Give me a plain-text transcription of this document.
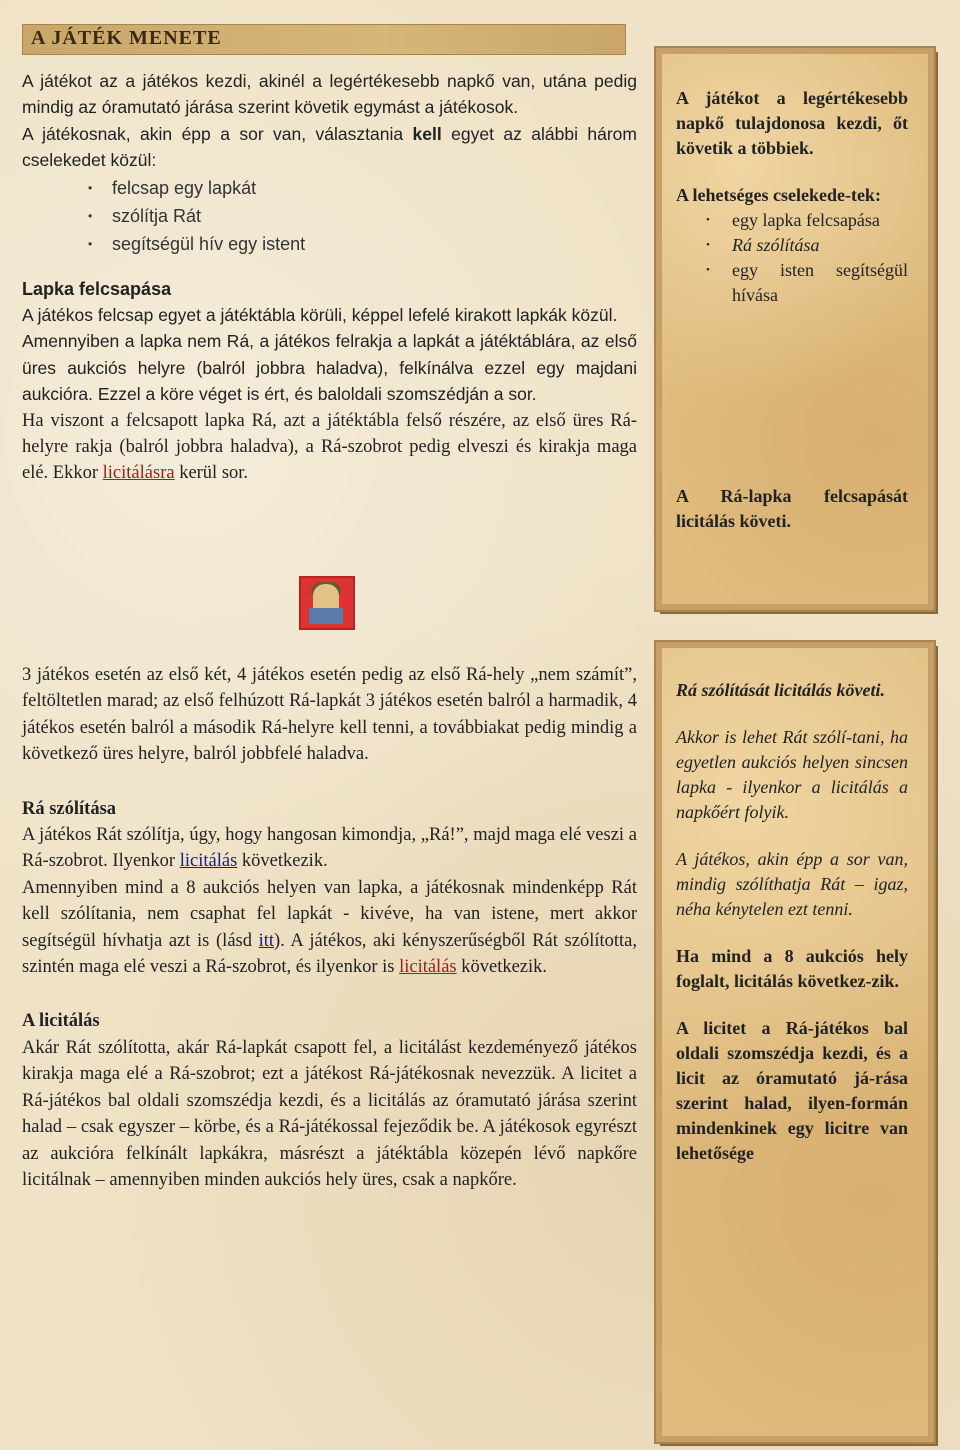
A JÁTÉK MENETE

A játékot az a játékos kezdi, akinél a legértékesebb napkő van, utána pedig mindig az óramutató járása szerint követik egymást a játékosok.

A játékosnak, akin épp a sor van, választania kell egyet az alábbi három cselekedet közül:

• felcsap egy lapkát
• szólítja Rát
• segítségül hív egy istent

Lapka felcsapása

A játékos felcsap egyet a játéktábla körüli, képpel lefelé kirakott lapkák közül.

Amennyiben a lapka nem Rá, a játékos felrakja a lapkát a játéktáblára, az első üres aukciós helyre (balról jobbra haladva), felkínálva ezzel egy majdani aukcióra. Ezzel a köre véget is ért, és baloldali szomszédján a sor.

Ha viszont a felcsapott lapka Rá, azt a játéktábla felső részére, az első üres Rá-helyre rakja (balról jobbra haladva), a Rá-szobrot pedig elveszi és kirakja maga elé. Ekkor licitálásra kerül sor.

3 játékos esetén az első két, 4 játékos esetén pedig az első Rá-hely „nem számít”, feltöltetlen marad; az első felhúzott Rá-lapkát 3 játékos esetén balról a harmadik, 4 játékos esetén balról a második Rá-helyre kell tenni, a továbbiakat pedig mindig a következő üres helyre, balról jobbfelé haladva.

Rá szólítása

A játékos Rát szólítja, úgy, hogy hangosan kimondja, „Rá!”, majd maga elé veszi a Rá-szobrot. Ilyenkor licitálás következik.

Amennyiben mind a 8 aukciós helyen van lapka, a játékosnak mindenképp Rát kell szólítania, nem csaphat fel lapkát - kivéve, ha van istene, mert akkor segítségül hívhatja azt is (lásd itt). A játékos, aki kényszerűségből Rát szólította, szintén maga elé veszi a Rá-szobrot, és ilyenkor is licitálás következik.

A licitálás

Akár Rát szólította, akár Rá-lapkát csapott fel, a licitálást kezdeményező játékos kirakja maga elé a Rá-szobrot; ezt a játékost Rá-játékosnak nevezzük. A licitet a Rá-játékos bal oldali szomszédja kezdi, és a licitálás az óramutató járása szerint halad – csak egyszer – körbe, és a Rá-játékossal fejeződik be. A játékosok egyrészt az aukcióra felkínált lapkákra, másrészt a játéktábla közepén lévő napkőre licitálnak – amennyiben minden aukciós hely üres, csak a napkőre.

A játékot a legértékesebb napkő tulajdonosa kezdi, őt követik a többiek.

A lehetséges cselekede-tek:

• egy lapka felcsapása
• Rá szólítása
• egy isten segítségül hívása

A Rá-lapka felcsapását licitálás követi.

Rá szólítását licitálás követi.

Akkor is lehet Rát szólí-tani, ha egyetlen aukciós helyen sincsen lapka - ilyenkor a licitálás a napkőért folyik.

A játékos, akin épp a sor van, mindig szólíthatja Rát – igaz, néha kénytelen ezt tenni.

Ha mind a 8 aukciós hely foglalt, licitálás következ-zik.

A licitet a Rá-játékos bal oldali szomszédja kezdi, és a licit az óramutató já-rása szerint halad, ilyen-formán mindenkinek egy licitre van lehetősége
